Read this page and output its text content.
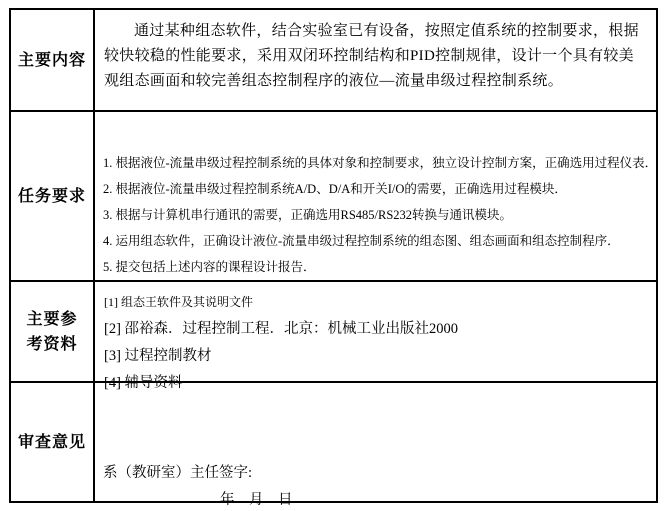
主要内容
通过某种组态软件，结合实验室已有设备，按照定值系统的控制要求，根据较快较稳的性能要求，采用双闭环控制结构和PID控制规律，设计一个具有较美观组态画面和较完善组态控制程序的液位—流量串级过程控制系统。
任务要求
1. 根据液位-流量串级过程控制系统的具体对象和控制要求，独立设计控制方案，正确选用过程仪表．
2. 根据液位-流量串级过程控制系统A/D、D/A和开关I/O的需要，正确选用过程模块．
3. 根据与计算机串行通讯的需要，正确选用RS485/RS232转换与通讯模块。
4. 运用组态软件，正确设计液位-流量串级过程控制系统的组态图、组态画面和组态控制程序．
5. 提交包括上述内容的课程设计报告．
主要参
考资料
[1] 组态王软件及其说明文件
[2] 邵裕森．过程控制工程．北京：机械工业出版社2000
[3] 过程控制教材
[4] 辅导资料
审查意见
系（教研室）主任签字:
年　月　日
